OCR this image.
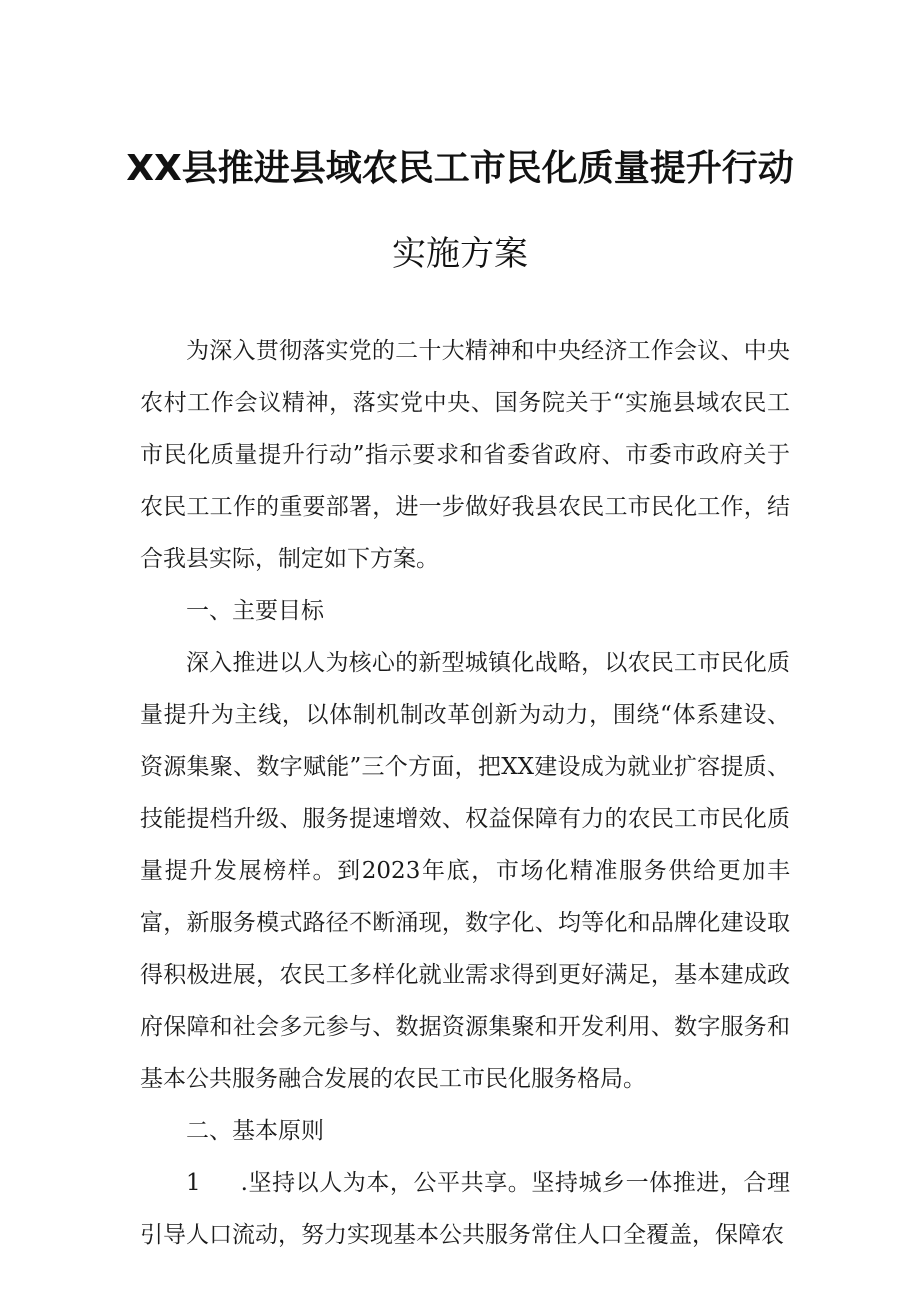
XX县推进县域农民工市民化质量提升行动
实施方案

为深入贯彻落实党的二十大精神和中央经济工作会议、中央农村工作会议精神，落实党中央、国务院关于“实施县域农民工市民化质量提升行动”指示要求和省委省政府、市委市政府关于农民工工作的重要部署，进一步做好我县农民工市民化工作，结合我县实际，制定如下方案。

一、主要目标

深入推进以人为核心的新型城镇化战略，以农民工市民化质量提升为主线，以体制机制改革创新为动力，围绕“体系建设、资源集聚、数字赋能”三个方面，把XX建设成为就业扩容提质、技能提档升级、服务提速增效、权益保障有力的农民工市民化质量提升发展榜样。到2023年底，市场化精准服务供给更加丰富，新服务模式路径不断涌现，数字化、均等化和品牌化建设取得积极进展，农民工多样化就业需求得到更好满足，基本建成政府保障和社会多元参与、数据资源集聚和开发利用、数字服务和基本公共服务融合发展的农民工市民化服务格局。

二、基本原则

1 .坚持以人为本，公平共享。坚持城乡一体推进，合理引导人口流动，努力实现基本公共服务常住人口全覆盖，保障农
